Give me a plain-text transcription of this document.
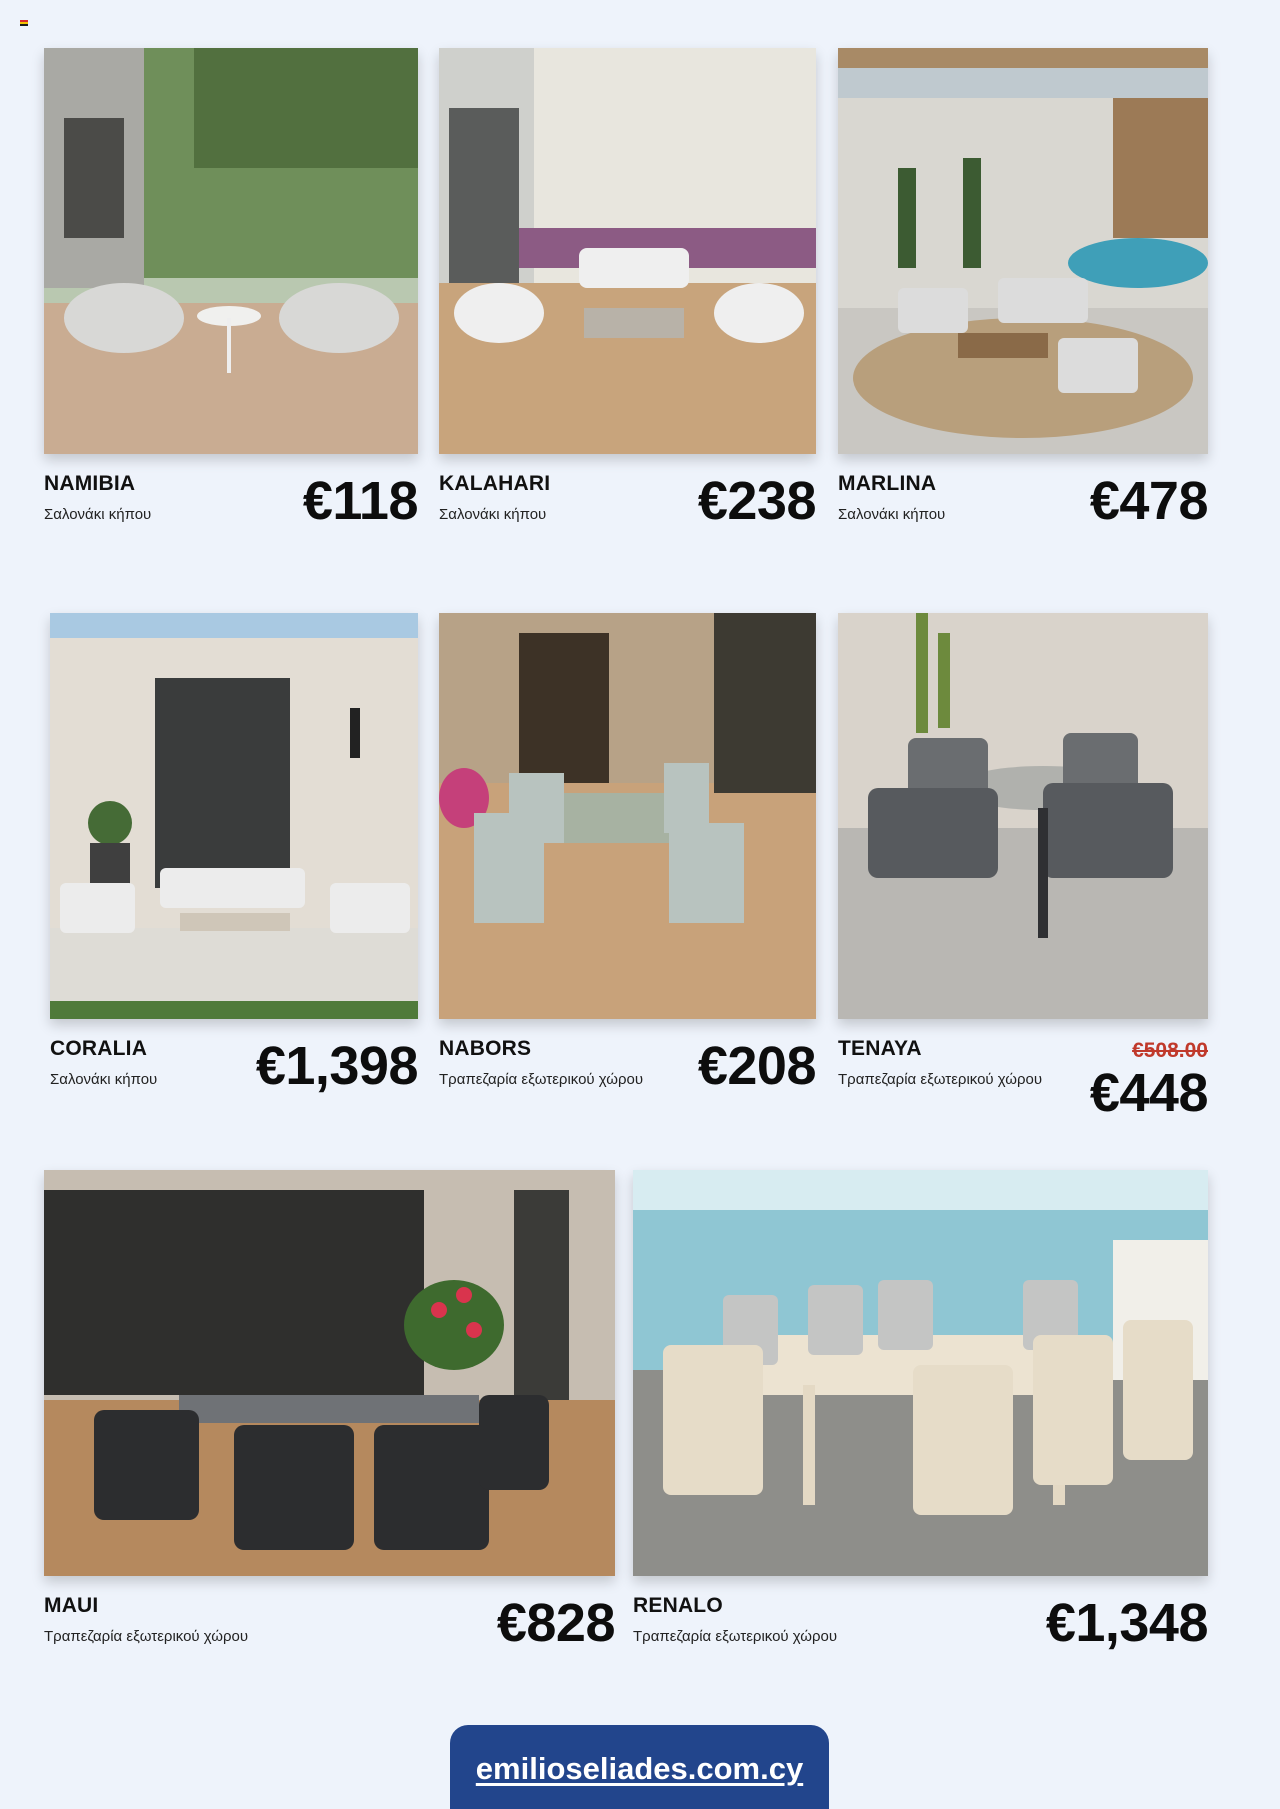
NAMIBIA
Σαλονάκι κήπου	€118 KALAHARI
Σαλονάκι κήπου	€238 MARLINA
Σαλονάκι κήπου	€478
CORALIA
Σαλονάκι κήπου €1,398 NABORS
Τραπεζαρία εξωτερικού χώρου €208 TENAYA
Τραπεζαρία εξωτερικού χώρου
€508.00
€448
MAUI
Τραπεζαρία εξωτερικού χώρου	€828 RENALO
Τραπεζαρία εξωτερικού χώρου	€1,348
emilioseliades.com.cy
